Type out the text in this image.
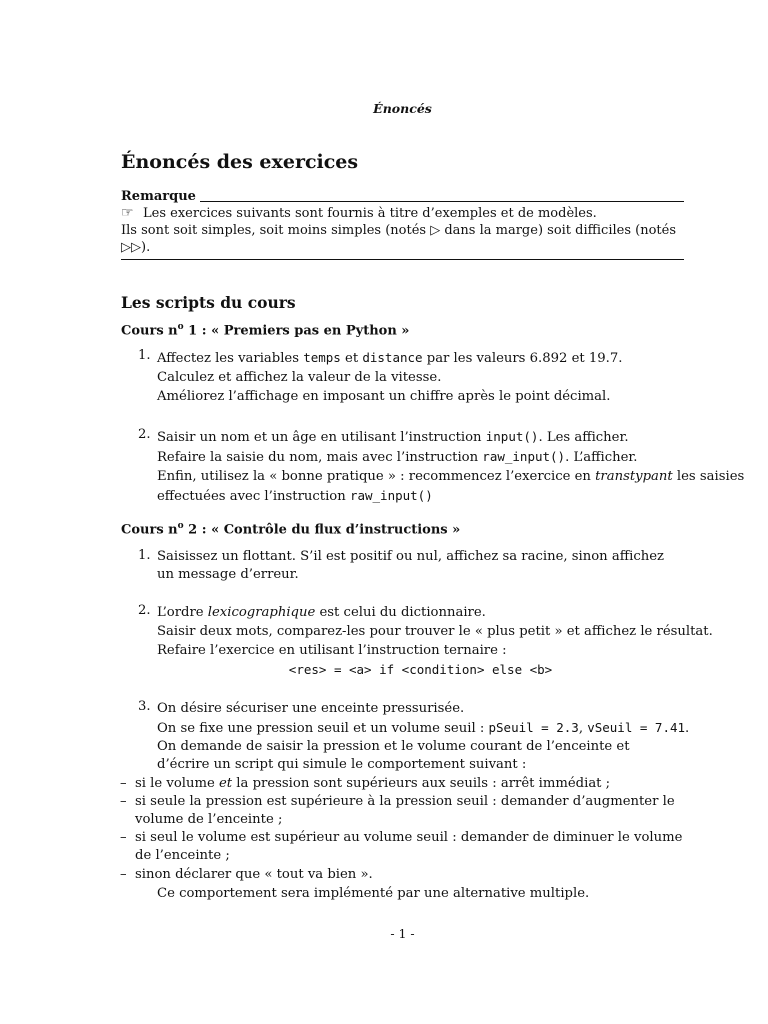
Énoncés
Énoncés des exercices
Remarque
☞ Les exercices suivants sont fournis à titre d’exemples et de modèles.
Ils sont soit simples, soit moins simples (notés ▷ dans la marge) soit difficiles (notés ▷▷).
Les scripts du cours
Cours $n^o$ 1 : « Premiers pas en Python »
1. Affectez les variables temps et distance par les valeurs 6.892 et 19.7.
Calculez et affichez la valeur de la vitesse.
Améliorez l’affichage en imposant un chiffre après le point décimal.
2. Saisir un nom et un âge en utilisant l’instruction input(). Les afficher.
Refaire la saisie du nom, mais avec l’instruction raw_input(). L’afficher.
Enfin, utilisez la « bonne pratique » : recommencez l’exercice en transtypant les saisies
effectuées avec l’instruction raw_input()
Cours $n^o$ 2 : « Contrôle du flux d’instructions »
1. Saisissez un flottant. S’il est positif ou nul, affichez sa racine, sinon affichez un message d’erreur.
2. L’ordre lexicographique est celui du dictionnaire.
Saisir deux mots, comparez-les pour trouver le « plus petit » et affichez le résultat.
Refaire l’exercice en utilisant l’instruction ternaire :
<res> = <a> if <condition> else <b>
3. On désire sécuriser une enceinte pressurisée.
On se fixe une pression seuil et un volume seuil : pSeuil = 2.3, vSeuil = 7.41.
On demande de saisir la pression et le volume courant de l’enceinte et d’écrire un script qui simule le comportement suivant :
– si le volume et la pression sont supérieurs aux seuils : arrêt immédiat ;
– si seule la pression est supérieure à la pression seuil : demander d’augmenter le volume de l’enceinte ;
– si seul le volume est supérieur au volume seuil : demander de diminuer le volume de l’enceinte ;
– sinon déclarer que « tout va bien ».
Ce comportement sera implémenté par une alternative multiple.
- 1 -
